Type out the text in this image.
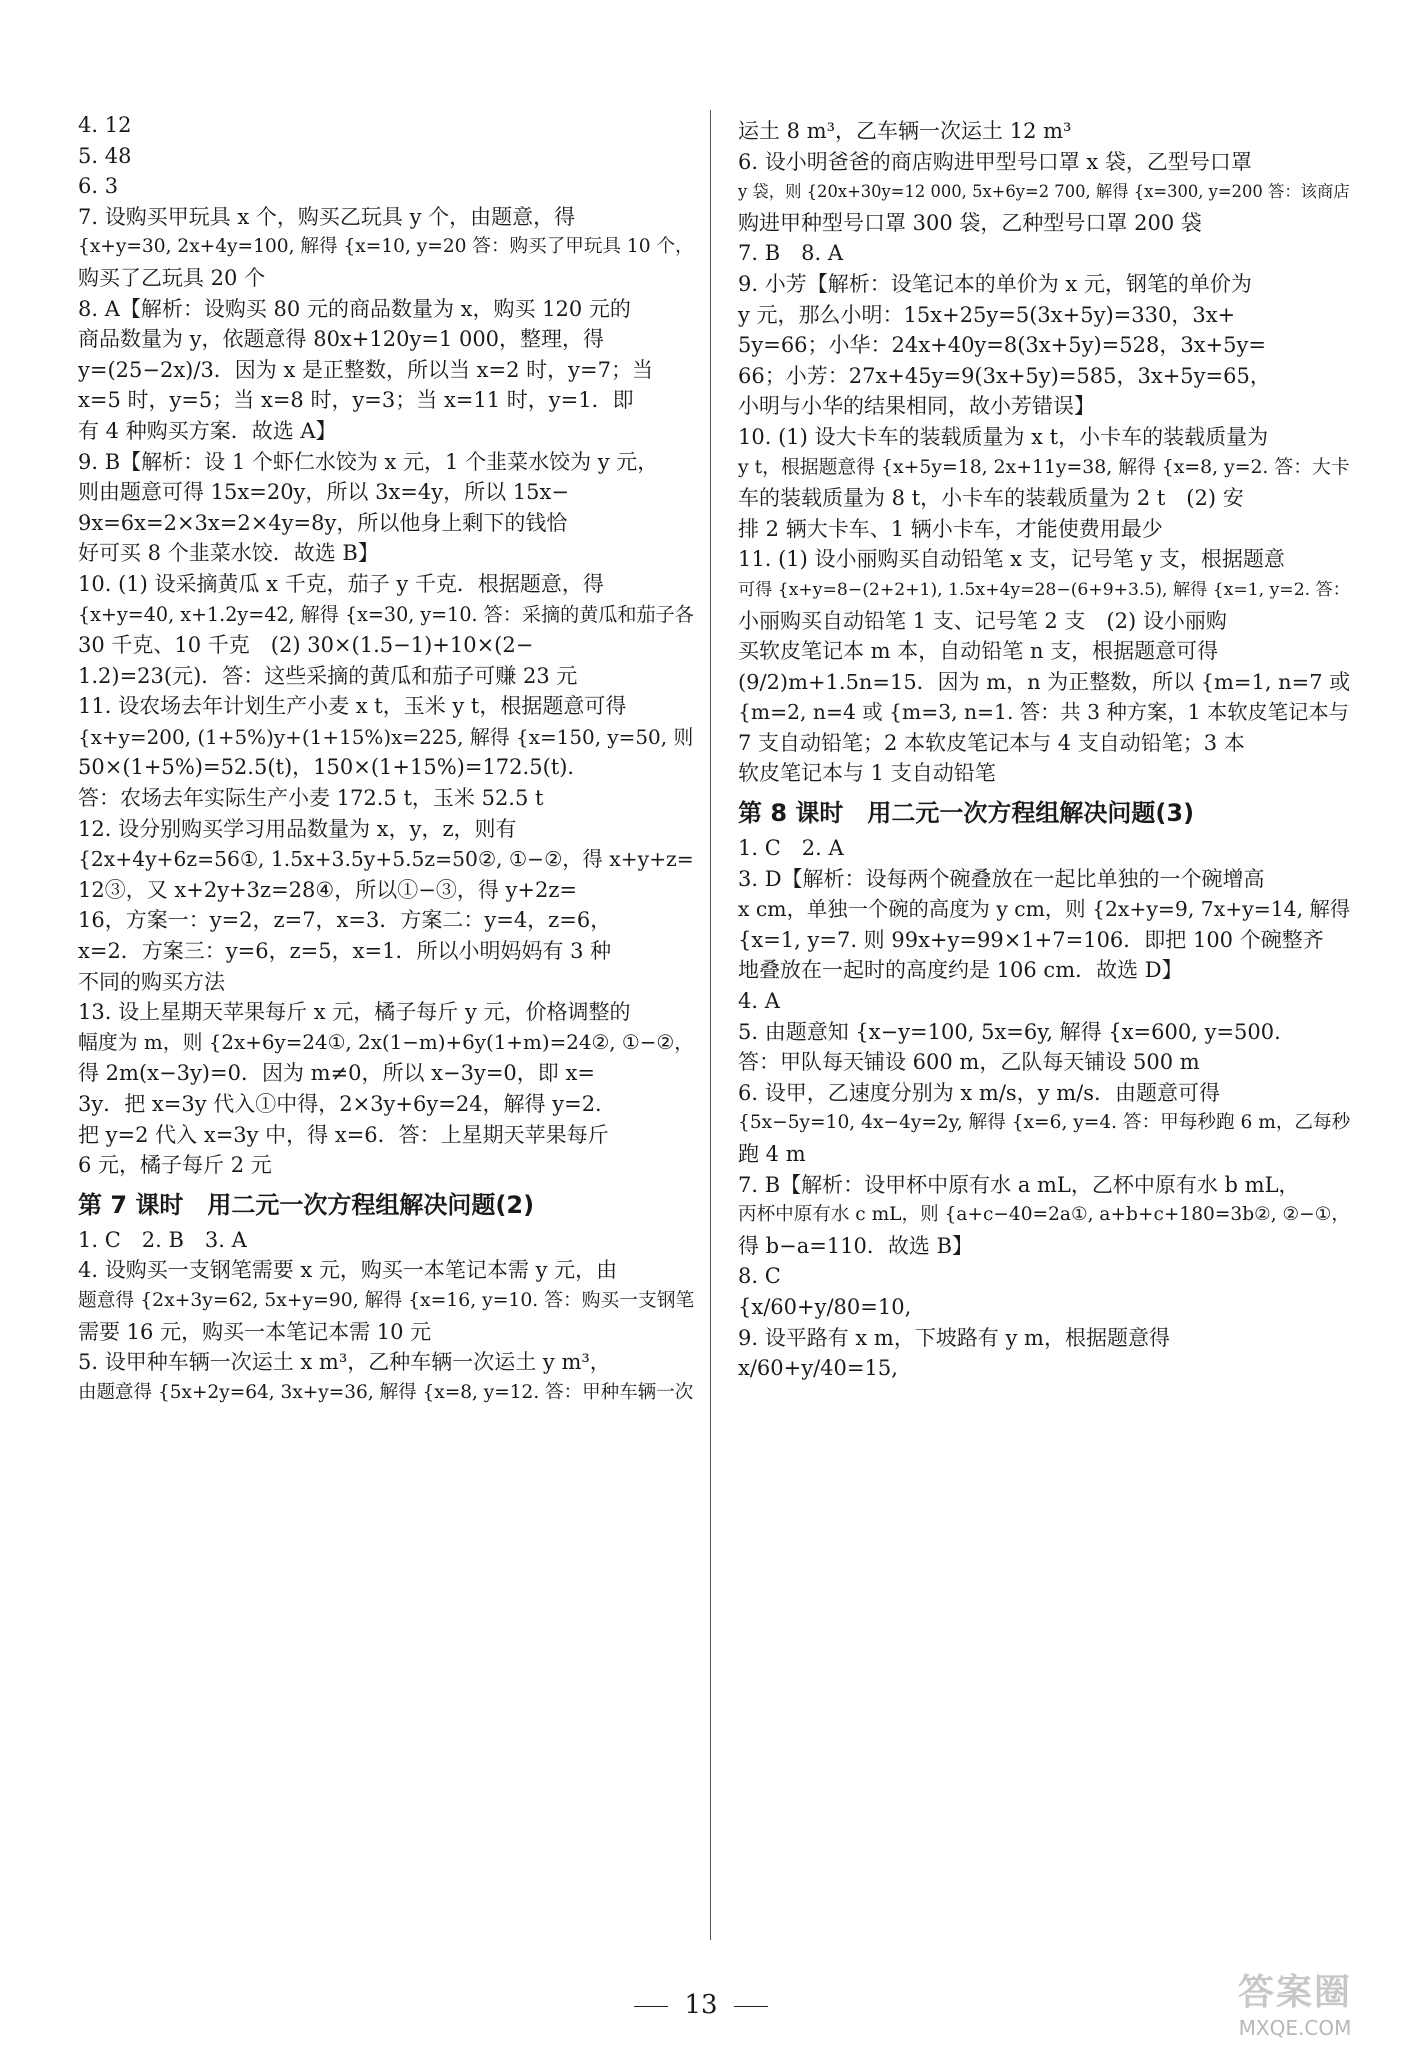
4. 12
5. 48
6. 3
7. 设购买甲玩具 x 个，购买乙玩具 y 个，由题意，得
{x+y=30, 2x+4y=100, 解得 {x=10, y=20 答：购买了甲玩具 10 个，
购买了乙玩具 20 个
8. A【解析：设购买 80 元的商品数量为 x，购买 120 元的
商品数量为 y，依题意得 80x+120y=1 000，整理，得
y=(25−2x)/3．因为 x 是正整数，所以当 x=2 时，y=7；当
x=5 时，y=5；当 x=8 时，y=3；当 x=11 时，y=1．即
有 4 种购买方案．故选 A】
9. B【解析：设 1 个虾仁水饺为 x 元，1 个韭菜水饺为 y 元，
则由题意可得 15x=20y，所以 3x=4y，所以 15x−
9x=6x=2×3x=2×4y=8y，所以他身上剩下的钱恰
好可买 8 个韭菜水饺．故选 B】
10. (1) 设采摘黄瓜 x 千克，茄子 y 千克．根据题意，得
{x+y=40, x+1.2y=42, 解得 {x=30, y=10. 答：采摘的黄瓜和茄子各
30 千克、10 千克　(2) 30×(1.5−1)+10×(2−
1.2)=23(元)．答：这些采摘的黄瓜和茄子可赚 23 元
11. 设农场去年计划生产小麦 x t，玉米 y t，根据题意可得
{x+y=200, (1+5%)y+(1+15%)x=225, 解得 {x=150, y=50, 则
50×(1+5%)=52.5(t)，150×(1+15%)=172.5(t)．
答：农场去年实际生产小麦 172.5 t，玉米 52.5 t
12. 设分别购买学习用品数量为 x，y，z，则有
{2x+4y+6z=56①, 1.5x+3.5y+5.5z=50②, ①−②，得 x+y+z=
12③，又 x+2y+3z=28④，所以①−③，得 y+2z=
16，方案一：y=2，z=7，x=3．方案二：y=4，z=6，
x=2．方案三：y=6，z=5，x=1．所以小明妈妈有 3 种
不同的购买方法
13. 设上星期天苹果每斤 x 元，橘子每斤 y 元，价格调整的
幅度为 m，则 {2x+6y=24①, 2x(1−m)+6y(1+m)=24②, ①−②，
得 2m(x−3y)=0．因为 m≠0，所以 x−3y=0，即 x=
3y．把 x=3y 代入①中得，2×3y+6y=24，解得 y=2．
把 y=2 代入 x=3y 中，得 x=6．答：上星期天苹果每斤
6 元，橘子每斤 2 元
第 7 课时　用二元一次方程组解决问题(2)
1. C　2. B　3. A
4. 设购买一支钢笔需要 x 元，购买一本笔记本需 y 元，由
题意得 {2x+3y=62, 5x+y=90, 解得 {x=16, y=10. 答：购买一支钢笔
需要 16 元，购买一本笔记本需 10 元
5. 设甲种车辆一次运土 x m³，乙种车辆一次运土 y m³，
由题意得 {5x+2y=64, 3x+y=36, 解得 {x=8, y=12. 答：甲种车辆一次
运土 8 m³，乙车辆一次运土 12 m³
6. 设小明爸爸的商店购进甲型号口罩 x 袋，乙型号口罩
y 袋，则 {20x+30y=12 000, 5x+6y=2 700, 解得 {x=300, y=200 答：该商店
购进甲种型号口罩 300 袋，乙种型号口罩 200 袋
7. B　8. A
9. 小芳【解析：设笔记本的单价为 x 元，钢笔的单价为
y 元，那么小明：15x+25y=5(3x+5y)=330，3x+
5y=66；小华：24x+40y=8(3x+5y)=528，3x+5y=
66；小芳：27x+45y=9(3x+5y)=585，3x+5y=65，
小明与小华的结果相同，故小芳错误】
10. (1) 设大卡车的装载质量为 x t，小卡车的装载质量为
y t，根据题意得 {x+5y=18, 2x+11y=38, 解得 {x=8, y=2. 答：大卡
车的装载质量为 8 t，小卡车的装载质量为 2 t　(2) 安
排 2 辆大卡车、1 辆小卡车，才能使费用最少
11. (1) 设小丽购买自动铅笔 x 支，记号笔 y 支，根据题意
可得 {x+y=8−(2+2+1), 1.5x+4y=28−(6+9+3.5), 解得 {x=1, y=2. 答：
小丽购买自动铅笔 1 支、记号笔 2 支　(2) 设小丽购
买软皮笔记本 m 本，自动铅笔 n 支，根据题意可得
(9/2)m+1.5n=15．因为 m，n 为正整数，所以 {m=1, n=7 或
{m=2, n=4 或 {m=3, n=1. 答：共 3 种方案，1 本软皮笔记本与
7 支自动铅笔；2 本软皮笔记本与 4 支自动铅笔；3 本
软皮笔记本与 1 支自动铅笔
第 8 课时　用二元一次方程组解决问题(3)
1. C　2. A
3. D【解析：设每两个碗叠放在一起比单独的一个碗增高
x cm，单独一个碗的高度为 y cm，则 {2x+y=9, 7x+y=14, 解得
{x=1, y=7. 则 99x+y=99×1+7=106．即把 100 个碗整齐
地叠放在一起时的高度约是 106 cm．故选 D】
4. A
5. 由题意知 {x−y=100, 5x=6y, 解得 {x=600, y=500.
答：甲队每天铺设 600 m，乙队每天铺设 500 m
6. 设甲，乙速度分别为 x m/s，y m/s．由题意可得
{5x−5y=10, 4x−4y=2y, 解得 {x=6, y=4. 答：甲每秒跑 6 m，乙每秒
跑 4 m
7. B【解析：设甲杯中原有水 a mL，乙杯中原有水 b mL，
丙杯中原有水 c mL，则 {a+c−40=2a①, a+b+c+180=3b②, ②−①，
得 b−a=110．故选 B】
8. C
{x/60+y/80=10,
9. 设平路有 x m，下坡路有 y m，根据题意得
x/60+y/40=15,
13	答案圈
MXQE.COM
